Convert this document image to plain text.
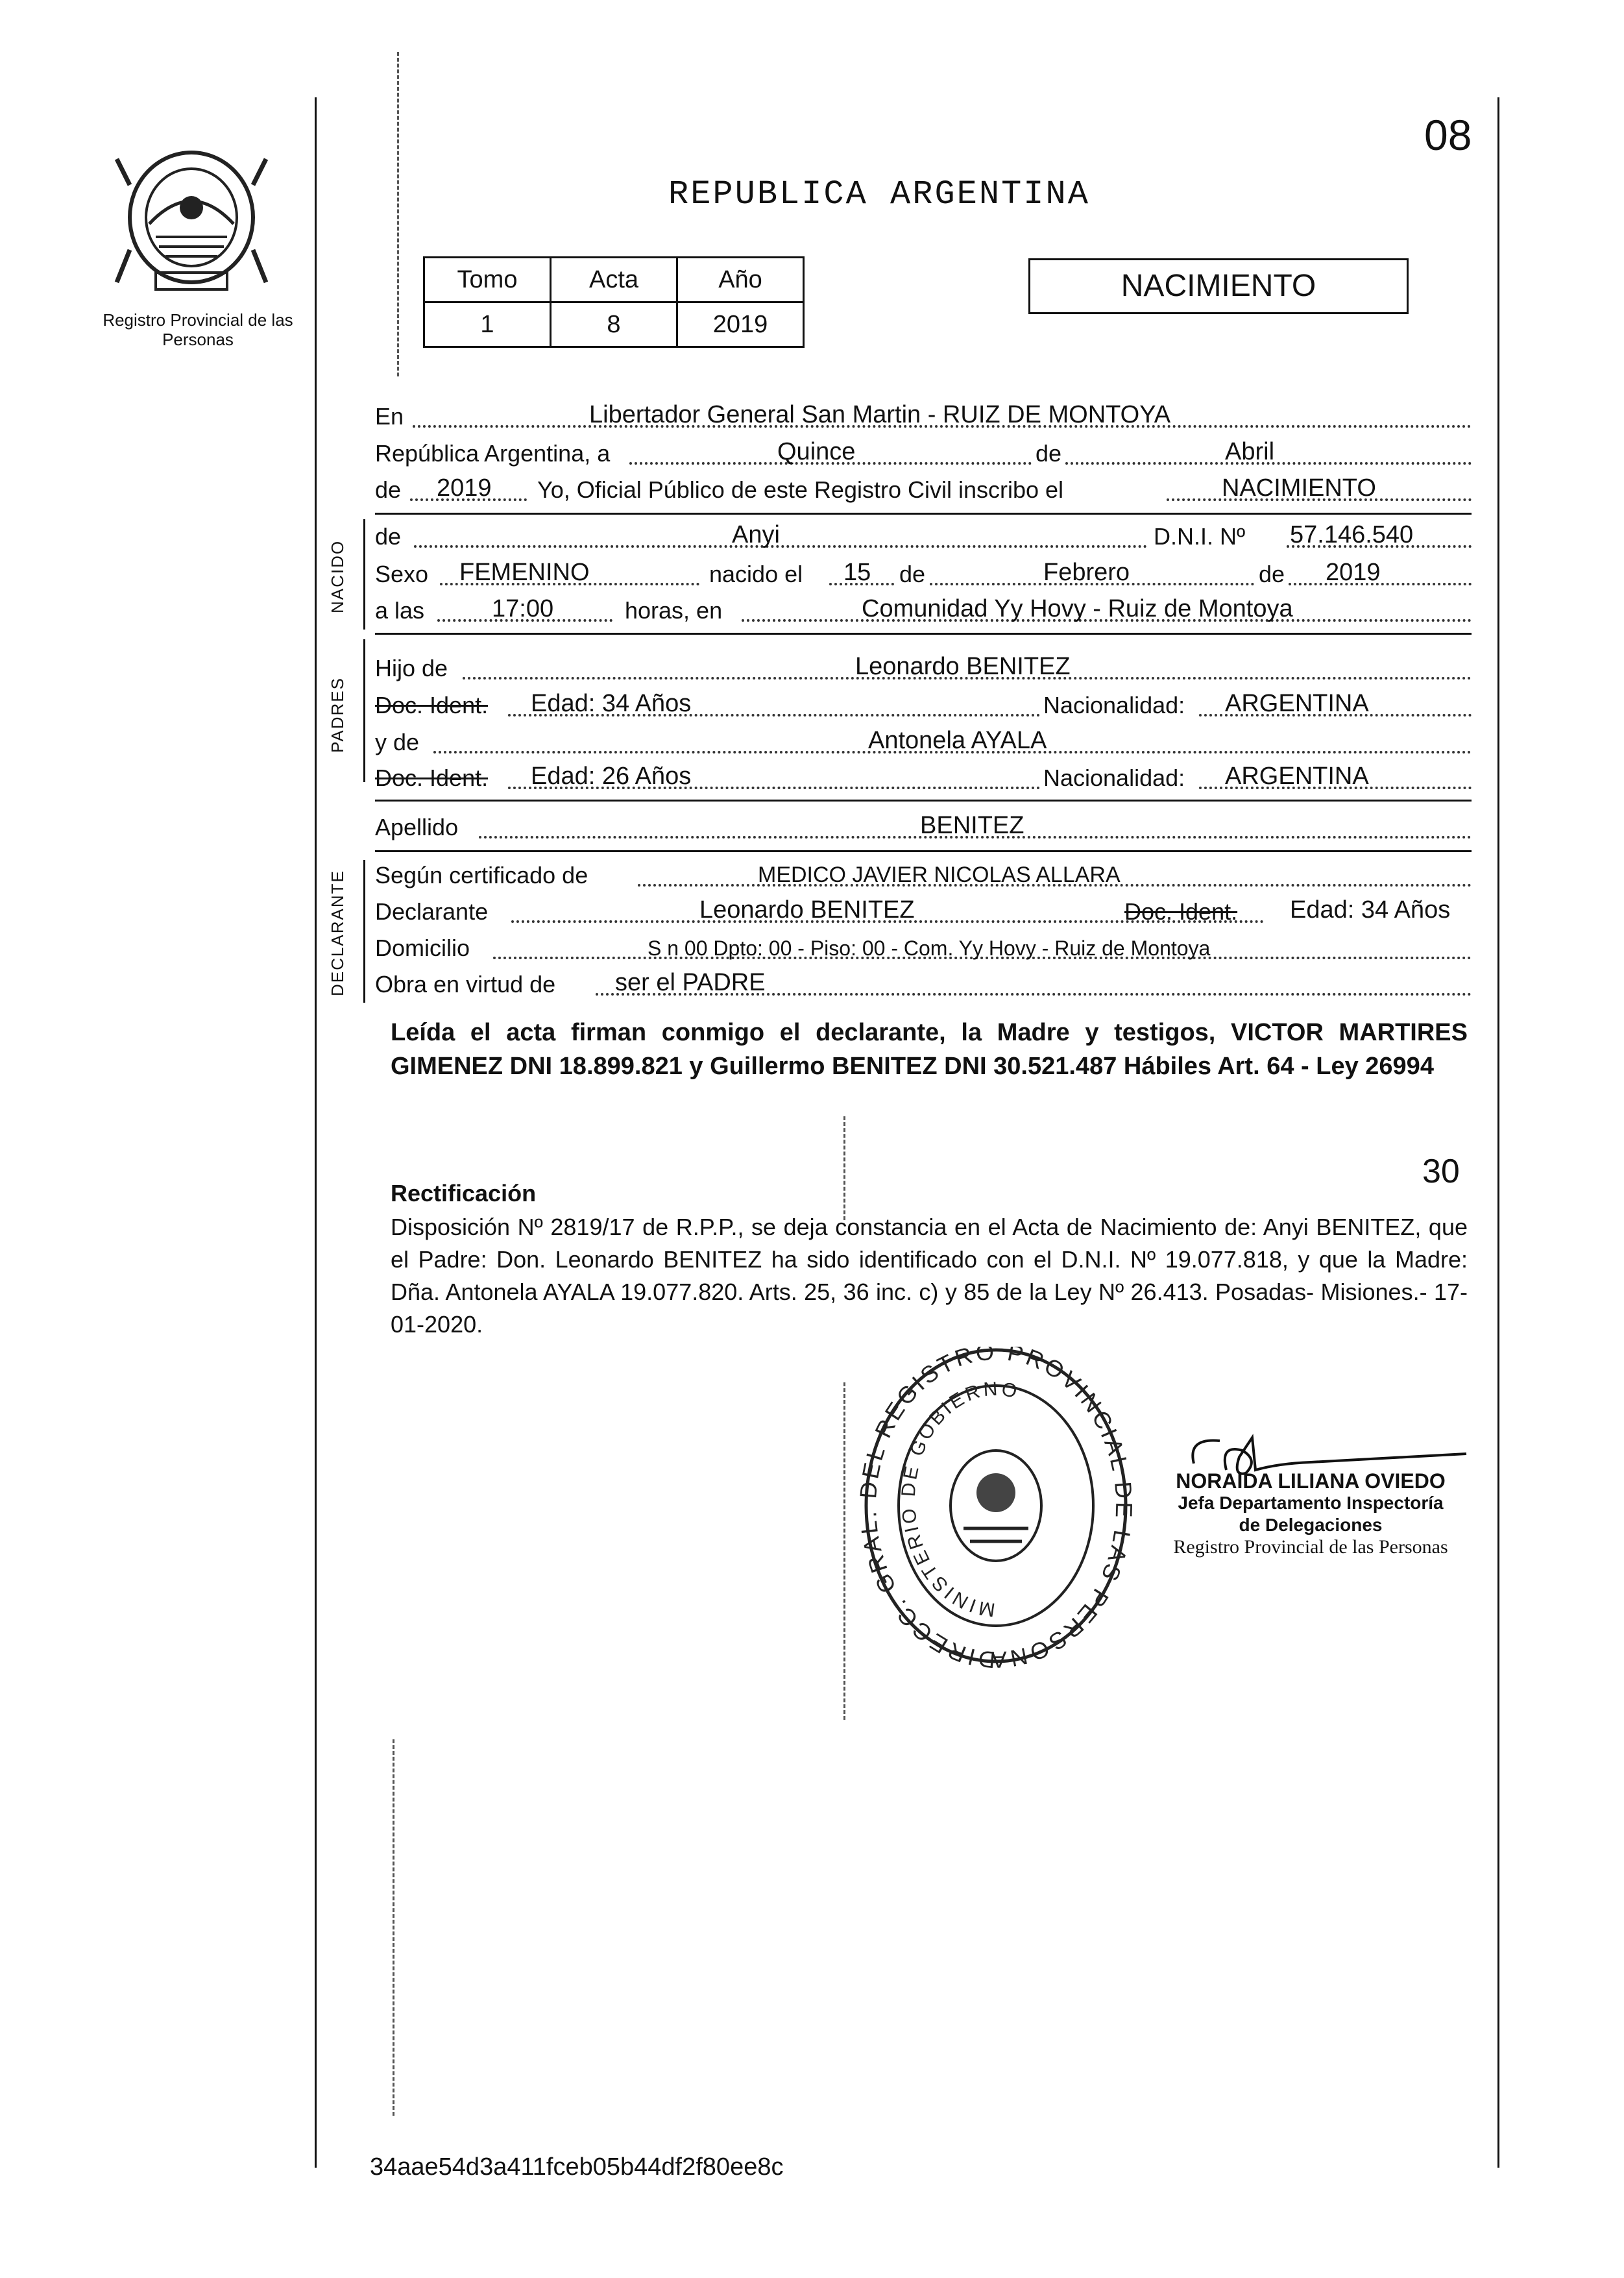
Registro Provincial de las Personas
08
REPUBLICA ARGENTINA
Tomo	Acta	Año
1	8	2019
NACIMIENTO
En	Libertador General San Martin - RUIZ DE MONTOYA
República Argentina, a	Quince	de	Abril
de 2019 Yo, Oficial Público de este Registro Civil inscribo el	NACIMIENTO
NACIDO
de	Anyi	D.N.I. Nº 57.146.540
Sexo FEMENINO	nacido el 15 de	Febrero	de 2019
a las	17:00	horas, en	Comunidad Yy Hovy - Ruiz de Montoya
PADRES
Hijo de	Leonardo BENITEZ
Doc. Ident. Edad: 34 Años	Nacionalidad: ARGENTINA
y de	Antonela AYALA
Doc. Ident. Edad: 26 Años	Nacionalidad: ARGENTINA
Apellido	BENITEZ
DECLARANTE Según certificado de	MEDICO JAVIER NICOLAS ALLARA
Declarante	Leonardo BENITEZ	Doc. Ident. Edad: 34 Años
Domicilio	S n 00 Dpto: 00 - Piso: 00 - Com. Yy Hovy - Ruiz de Montoya
Obra en virtud de ser el PADRE
Leída el acta firman conmigo el declarante, la Madre y testigos, VICTOR MARTIRES GIMENEZ DNI 18.899.821 y Guillermo BENITEZ DNI 30.521.487 Hábiles Art. 64 - Ley 26994
30
Rectificación
Disposición Nº 2819/17 de R.P.P., se deja constancia en el Acta de Nacimiento de: Anyi BENITEZ, que el Padre: Don. Leonardo BENITEZ ha sido identificado con el D.N.I. Nº 19.077.818, y que la Madre: Dña. Antonela AYALA 19.077.820. Arts. 25, 36 inc. c) y 85 de la Ley Nº 26.413. Posadas- Misiones.- 17-01-2020.
DIRECC. GRA L REGISTRO PROVINCIAL AS PERSONA
MINISTERIO DE GOBIERNO
NORAIDA LILIANA OVIEDO
Jefa Departamento Inspectoría
de Delegaciones
Registro Provincial de las Personas
34aae54d3a411fceb05b44df2f80ee8c
